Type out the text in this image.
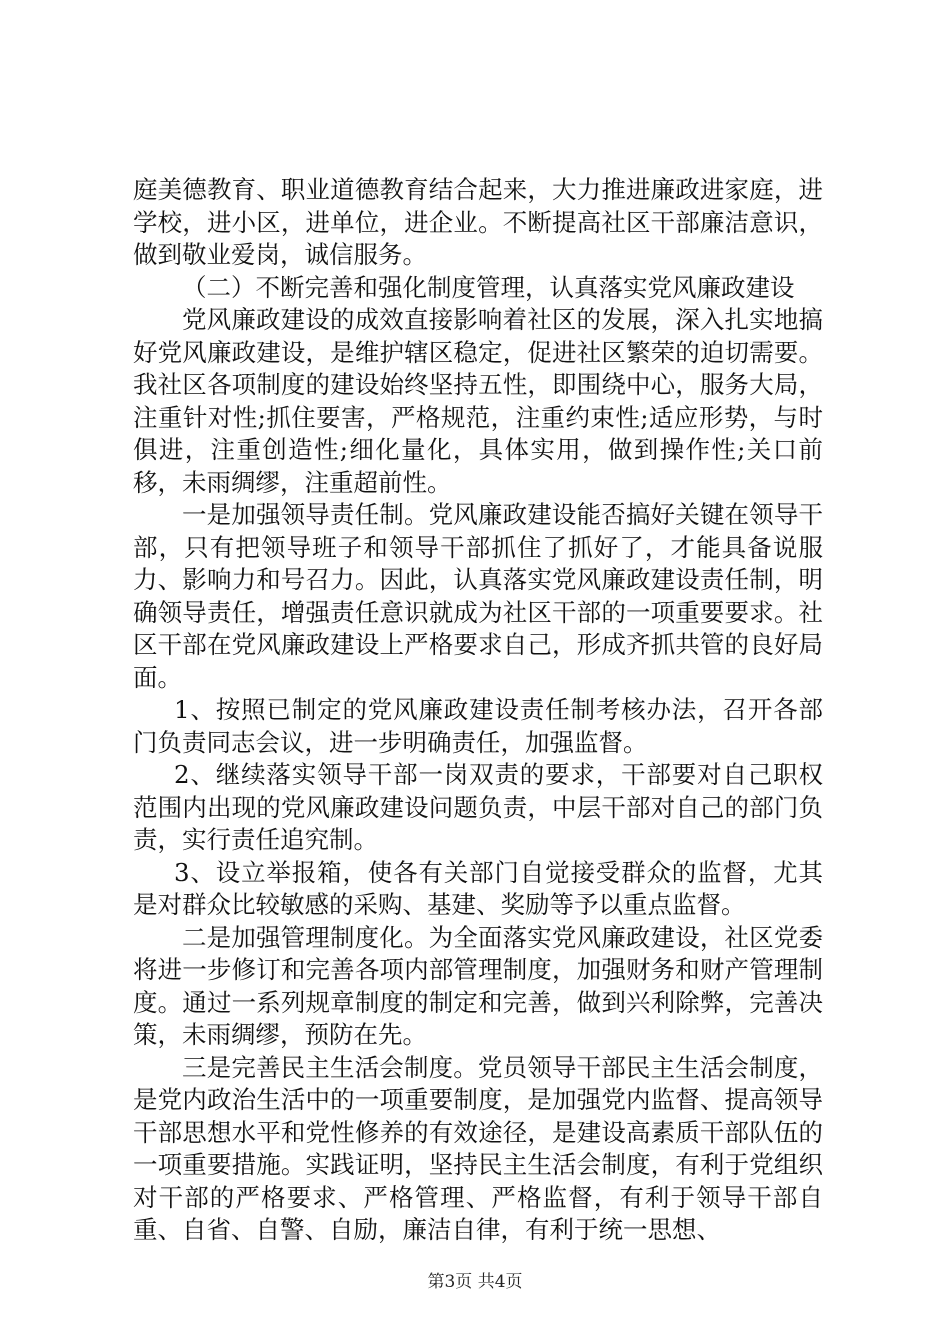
庭美德教育、职业道德教育结合起来，大力推进廉政进家庭，进学校，进小区，进单位，进企业。不断提高社区干部廉洁意识，做到敬业爱岗，诚信服务。

（二）不断完善和强化制度管理，认真落实党风廉政建设

党风廉政建设的成效直接影响着社区的发展，深入扎实地搞好党风廉政建设，是维护辖区稳定，促进社区繁荣的迫切需要。我社区各项制度的建设始终坚持五性，即围绕中心，服务大局，注重针对性;抓住要害，严格规范，注重约束性;适应形势，与时俱进，注重创造性;细化量化，具体实用，做到操作性;关口前移，未雨绸缪，注重超前性。

一是加强领导责任制。党风廉政建设能否搞好关键在领导干部，只有把领导班子和领导干部抓住了抓好了，才能具备说服力、影响力和号召力。因此，认真落实党风廉政建设责任制，明确领导责任，增强责任意识就成为社区干部的一项重要要求。社区干部在党风廉政建设上严格要求自己，形成齐抓共管的良好局面。

1、按照已制定的党风廉政建设责任制考核办法，召开各部门负责同志会议，进一步明确责任，加强监督。

2、继续落实领导干部一岗双责的要求，干部要对自己职权范围内出现的党风廉政建设问题负责，中层干部对自己的部门负责，实行责任追究制。

3、设立举报箱，使各有关部门自觉接受群众的监督，尤其是对群众比较敏感的采购、基建、奖励等予以重点监督。

二是加强管理制度化。为全面落实党风廉政建设，社区党委将进一步修订和完善各项内部管理制度，加强财务和财产管理制度。通过一系列规章制度的制定和完善，做到兴利除弊，完善决策，未雨绸缪，预防在先。

三是完善民主生活会制度。党员领导干部民主生活会制度，是党内政治生活中的一项重要制度，是加强党内监督、提高领导干部思想水平和党性修养的有效途径，是建设高素质干部队伍的一项重要措施。实践证明，坚持民主生活会制度，有利于党组织对干部的严格要求、严格管理、严格监督，有利于领导干部自重、自省、自警、自励，廉洁自律，有利于统一思想、

第3页 共4页
